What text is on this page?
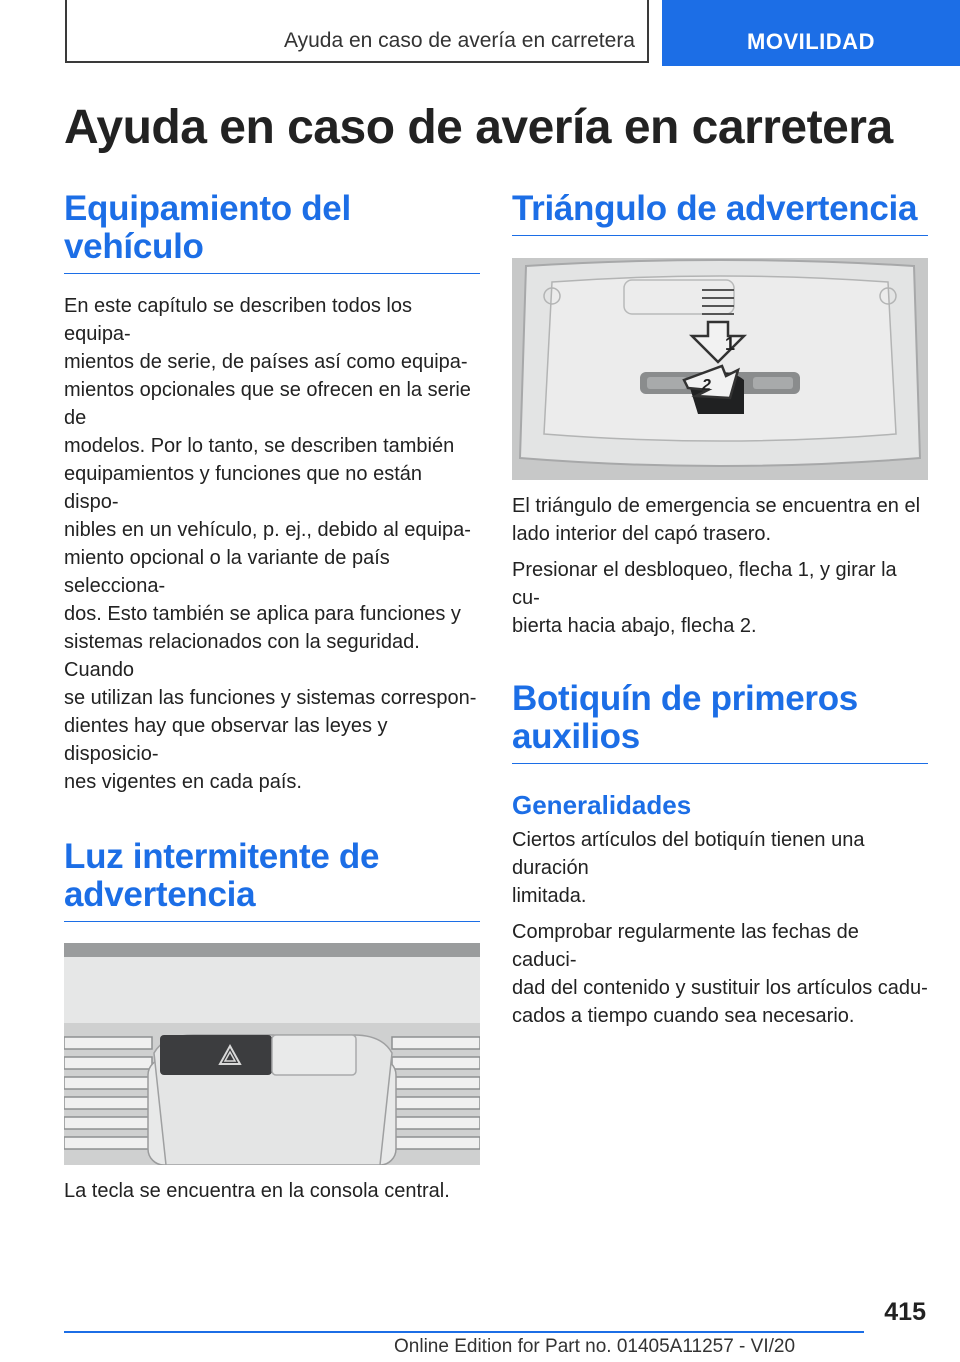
Ayuda en caso de avería en carretera	MOVILIDAD
Ayuda en caso de avería en carretera
Equipamiento del vehículo

En este capítulo se describen todos los equipa-

mientos de serie, de países así como equipa-

mientos opcionales que se ofrecen en la serie de

modelos. Por lo tanto, se describen también

equipamientos y funciones que no están dispo-

nibles en un vehículo, p. ej., debido al equipa-

miento opcional o la variante de país selecciona-

dos. Esto también se aplica para funciones y

sistemas relacionados con la seguridad. Cuando

se utilizan las funciones y sistemas correspon-

dientes hay que observar las leyes y disposicio-

nes vigentes en cada país.

Luz intermitente de
advertencia

La tecla se encuentra en la consola central.

Triángulo de advertencia
1
2

El triángulo de emergencia se encuentra en el

lado interior del capó trasero.

Presionar el desbloqueo, flecha 1, y girar la cu-

bierta hacia abajo, flecha 2.

Botiquín de primeros
auxilios
Generalidades

Ciertos artículos del botiquín tienen una duración

limitada.

Comprobar regularmente las fechas de caduci-

dad del contenido y sustituir los artículos cadu-

cados a tiempo cuando sea necesario.

415
Online Edition for Part no. 01405A11257 - VI/20
